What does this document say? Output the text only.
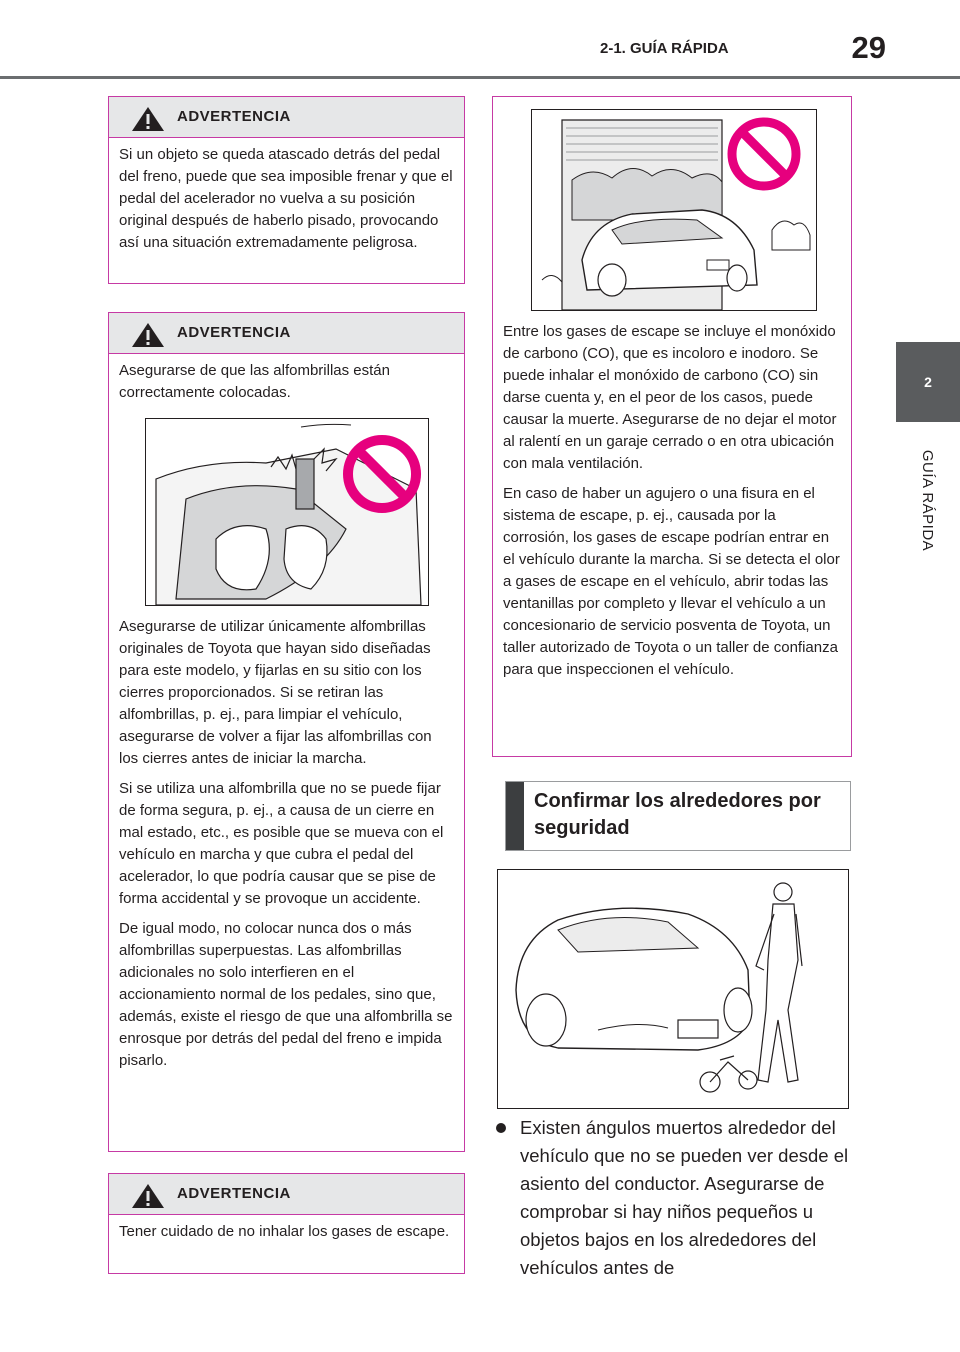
2-1. GUÍA RÁPIDA	29
2
GUÍA RÁPIDA
ADVERTENCIA

Si un objeto se queda atascado detrás del pedal del freno, puede que sea imposible frenar y que el pedal del acelerador no vuelva a su posición original después de haberlo pisado, provocando así una situación extremadamente peligrosa.

ADVERTENCIA

Asegurarse de que las alfombrillas están correctamente colocadas.

Asegurarse de utilizar únicamente alfombrillas originales de Toyota que hayan sido diseñadas para este modelo, y fijarlas en su sitio con los cierres proporcionados. Si se retiran las alfombrillas, p. ej., para limpiar el vehículo, asegurarse de volver a fijar las alfombrillas con los cierres antes de iniciar la marcha.

Si se utiliza una alfombrilla que no se puede fijar de forma segura, p. ej., a causa de un cierre en mal estado, etc., es posible que se mueva con el vehículo en marcha y que cubra el pedal del acelerador, lo que podría causar que se pise de forma accidental y se provoque un accidente.

De igual modo, no colocar nunca dos o más alfombrillas superpuestas. Las alfombrillas adicionales no solo interfieren en el accionamiento normal de los pedales, sino que, además, existe el riesgo de que una alfombrilla se enrosque por detrás del pedal del freno e impida pisarlo.

ADVERTENCIA

Tener cuidado de no inhalar los gases de escape.

Entre los gases de escape se incluye el monóxido de carbono (CO), que es incoloro e inodoro. Se puede inhalar el monóxido de carbono (CO) sin darse cuenta y, en el peor de los casos, puede causar la muerte. Asegurarse de no dejar el motor al ralentí en un garaje cerrado o en otra ubicación con mala ventilación.

En caso de haber un agujero o una fisura en el sistema de escape, p. ej., causada por la corrosión, los gases de escape podrían entrar en el vehículo durante la marcha. Si se detecta el olor a gases de escape en el vehículo, abrir todas las ventanillas por completo y llevar el vehículo a un concesionario de servicio posventa de Toyota, un taller autorizado de Toyota o un taller de confianza para que inspeccionen el vehículo.

Confirmar los alrededores por seguridad
Existen ángulos muertos alrededor del vehículo que no se pueden ver desde el asiento del conductor. Asegurarse de comprobar si hay niños pequeños u objetos bajos en los alrededores del vehículos antes de
